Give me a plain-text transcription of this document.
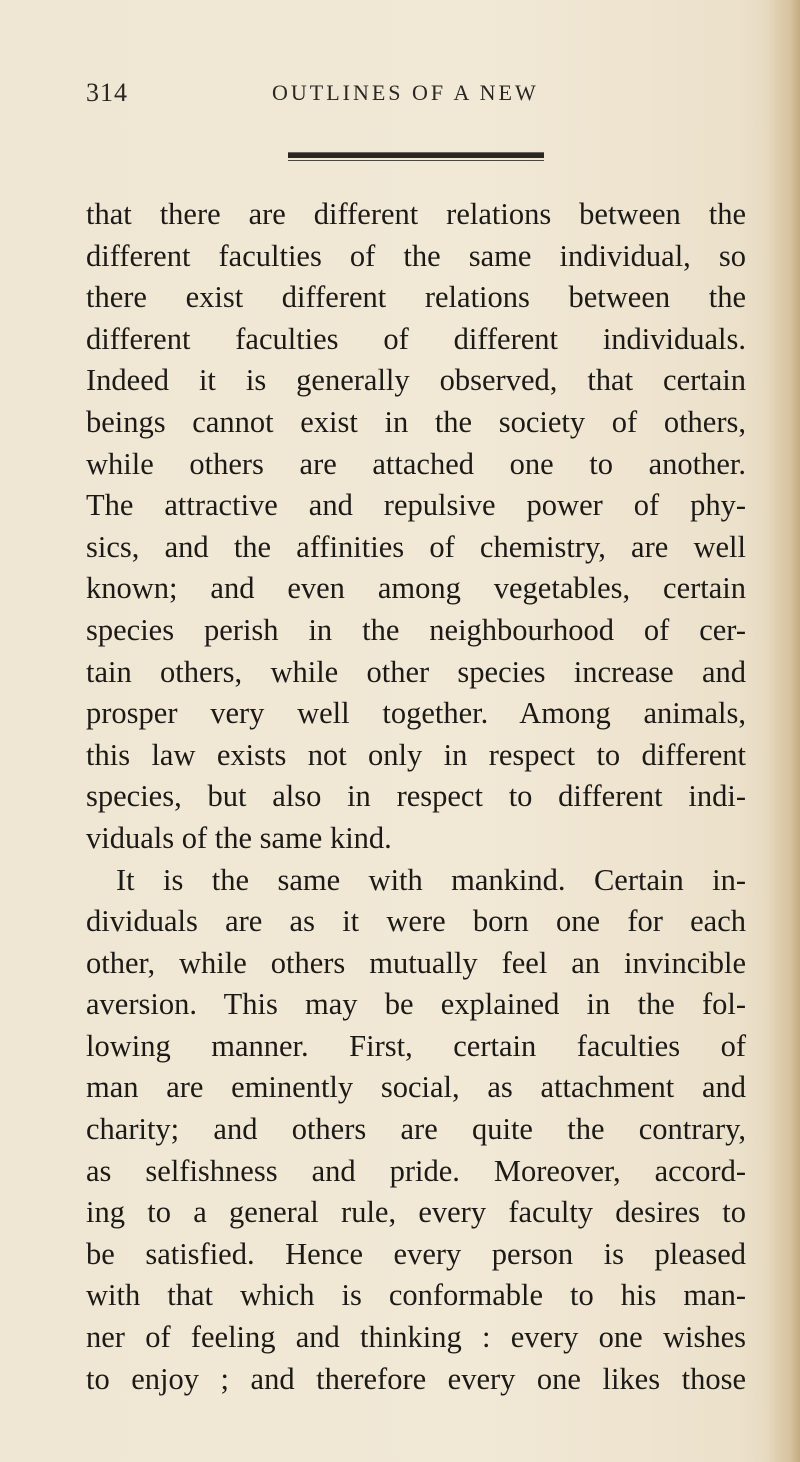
314	OUTLINES OF A NEW
that there are different relations between the
different faculties of the same individual, so
there exist different relations between the
different faculties of different individuals.
Indeed it is generally observed, that certain
beings cannot exist in the society of others,
while others are attached one to another.
The attractive and repulsive power of phy-
sics, and the affinities of chemistry, are well
known; and even among vegetables, certain
species perish in the neighbourhood of cer-
tain others, while other species increase and
prosper very well together. Among animals,
this law exists not only in respect to different
species, but also in respect to different indi-
viduals of the same kind.
It is the same with mankind. Certain in-
dividuals are as it were born one for each
other, while others mutually feel an invincible
aversion. This may be explained in the fol-
lowing manner. First, certain faculties of
man are eminently social, as attachment and
charity; and others are quite the contrary,
as selfishness and pride. Moreover, accord-
ing to a general rule, every faculty desires to
be satisfied. Hence every person is pleased
with that which is conformable to his man-
ner of feeling and thinking : every one wishes
to enjoy ; and therefore every one likes those
